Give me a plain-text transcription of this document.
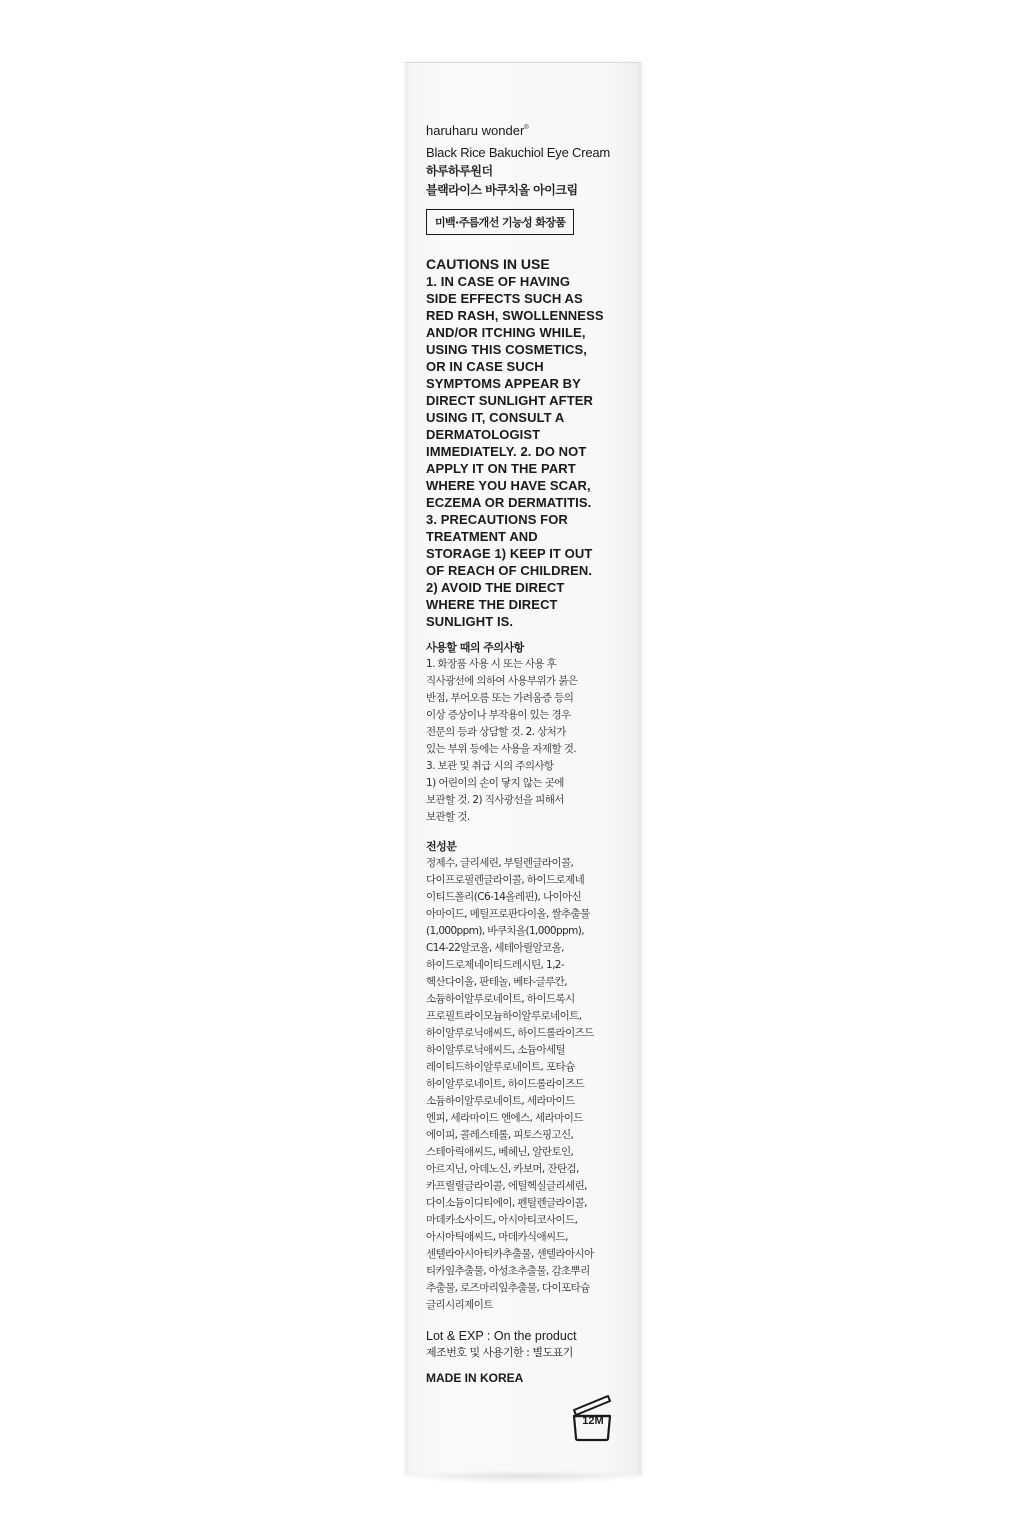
haruharu wonder®
Black Rice Bakuchiol Eye Cream
하루하루원더
블랙라이스 바쿠치올 아이크림
미백·주름개선 기능성 화장품
CAUTIONS IN USE
1. IN CASE OF HAVING
SIDE EFFECTS SUCH AS
RED RASH, SWOLLENNESS
AND/OR ITCHING WHILE,
USING THIS COSMETICS,
OR IN CASE SUCH
SYMPTOMS APPEAR BY
DIRECT SUNLIGHT AFTER
USING IT, CONSULT A
DERMATOLOGIST
IMMEDIATELY. 2. DO NOT
APPLY IT ON THE PART
WHERE YOU HAVE SCAR,
ECZEMA OR DERMATITIS.
3. PRECAUTIONS FOR
TREATMENT AND
STORAGE 1) KEEP IT OUT
OF REACH OF CHILDREN.
2) AVOID THE DIRECT
WHERE THE DIRECT
SUNLIGHT IS.
사용할 때의 주의사항
1. 화장품 사용 시 또는 사용 후
직사광선에 의하여 사용부위가 붉은
반점, 부어오름 또는 가려움증 등의
이상 증상이나 부작용이 있는 경우
전문의 등과 상담할 것. 2. 상처가
있는 부위 등에는 사용을 자제할 것.
3. 보관 및 취급 시의 주의사항
1) 어린이의 손이 닿지 않는 곳에
보관할 것. 2) 직사광선을 피해서
보관할 것.
전성분
정제수, 글리세린, 부틸렌글라이콜,
다이프로필렌글라이콜, 하이드로제네
이티드폴리(C6-14올레핀), 나이아신
아마이드, 메틸프로판다이올, 쌀추출물
(1,000ppm), 바쿠치올(1,000ppm),
C14-22알코올, 세테아릴알코올,
하이드로제네이티드레시틴, 1,2-
헥산다이올, 판테놀, 베타-글루칸,
소듐하이알루로네이트, 하이드록시
프로필트라이모늄하이알루로네이트,
하이알루로닉애씨드, 하이드롤라이즈드
하이알루로닉애씨드, 소듐아세틸
레이티드하이알루로네이트, 포타슘
하이알루로네이트, 하이드롤라이즈드
소듐하이알루로네이트, 세라마이드
엔피, 세라마이드 엔에스, 세라마이드
에이피, 콜레스테롤, 피토스핑고신,
스테아릭애씨드, 베헤닌, 알란토인,
아르지닌, 아데노신, 카보머, 잔탄검,
카프릴릴글라이콜, 에틸헥실글리세린,
다이소듐이디티에이, 펜틸렌글라이콜,
마데카소사이드, 아시아티코사이드,
아시아틱애씨드, 마데카식애씨드,
센텔라아시아티카추출물, 센텔라아시아
티카잎추출물, 아성초추출물, 감초뿌리
추출물, 로즈마리잎추출물, 다이포타슘
글리시리제이트
Lot & EXP : On the product
제조번호 및 사용기한 : 별도표기
MADE IN KOREA
12M
